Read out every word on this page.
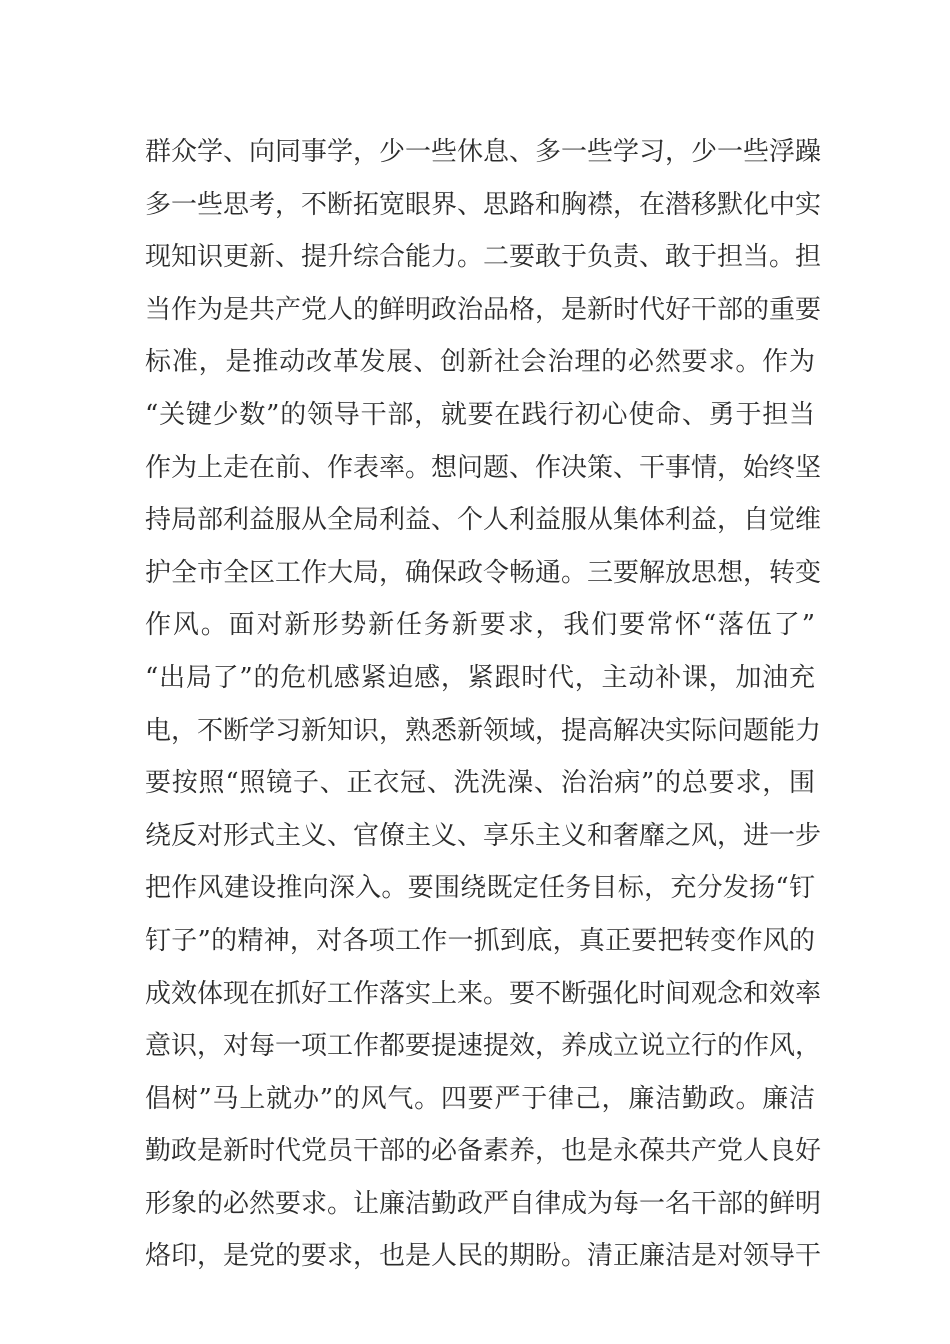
群众学、向同事学，少一些休息、多一些学习，少一些浮躁
多一些思考，不断拓宽眼界、思路和胸襟，在潜移默化中实
现知识更新、提升综合能力。二要敢于负责、敢于担当。担
当作为是共产党人的鲜明政治品格，是新时代好干部的重要
标准，是推动改革发展、创新社会治理的必然要求。作为
“关键少数”的领导干部，就要在践行初心使命、勇于担当
作为上走在前、作表率。想问题、作决策、干事情，始终坚
持局部利益服从全局利益、个人利益服从集体利益，自觉维
护全市全区工作大局，确保政令畅通。三要解放思想，转变
作风。面对新形势新任务新要求，我们要常怀“落伍了”
“出局了”的危机感紧迫感，紧跟时代，主动补课，加油充
电，不断学习新知识，熟悉新领域，提高解决实际问题能力
要按照“照镜子、正衣冠、洗洗澡、治治病”的总要求，围
绕反对形式主义、官僚主义、享乐主义和奢靡之风，进一步
把作风建设推向深入。要围绕既定任务目标，充分发扬“钉
钉子”的精神，对各项工作一抓到底，真正要把转变作风的
成效体现在抓好工作落实上来。要不断强化时间观念和效率
意识，对每一项工作都要提速提效，养成立说立行的作风，
倡树”马上就办”的风气。四要严于律己，廉洁勤政。廉洁
勤政是新时代党员干部的必备素养，也是永葆共产党人良好
形象的必然要求。让廉洁勤政严自律成为每一名干部的鲜明
烙印，是党的要求，也是人民的期盼。清正廉洁是对领导干
